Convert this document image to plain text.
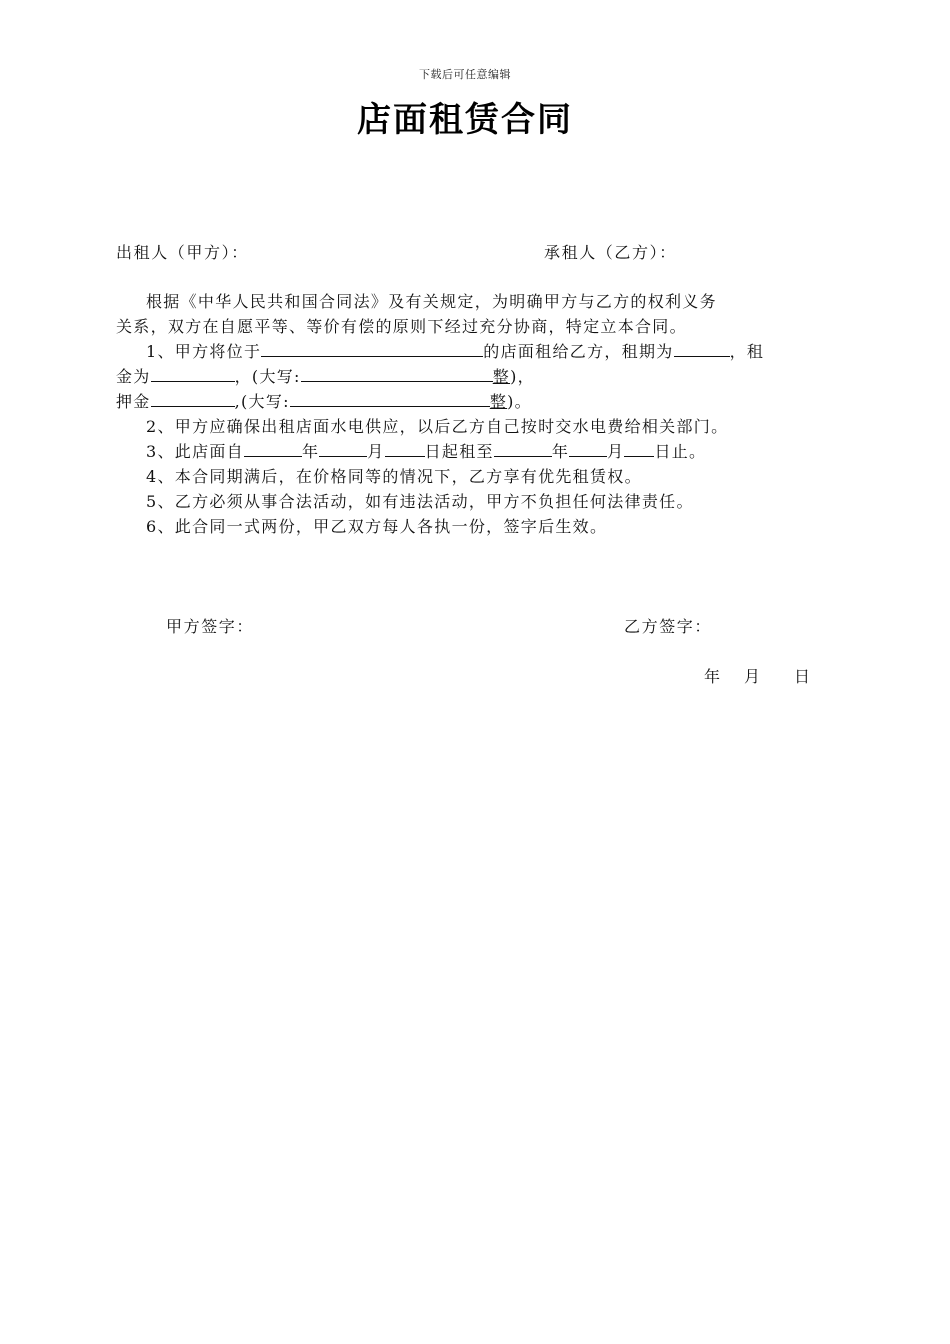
下载后可任意编辑
店面租赁合同
出租人（甲方）：	承租人（乙方）：
根据《中华人民共和国合同法》及有关规定，为明确甲方与乙方的权利义务
关系，双方在自愿平等、等价有偿的原则下经过充分协商，特定立本合同。
1、甲方将位于	的店面租给乙方，租期为	，租
金为	，(大写:	整)，
押金	,(大写:	整)。
2、甲方应确保出租店面水电供应，以后乙方自己按时交水电费给相关部门。
3、此店面自	年	月	日起租至	年 月 日止。
4、本合同期满后，在价格同等的情况下，乙方享有优先租赁权。
5、乙方必须从事合法活动，如有违法活动，甲方不负担任何法律责任。
6、此合同一式两份，甲乙双方每人各执一份，签字后生效。
甲方签字：	乙方签字：
年 月 日
